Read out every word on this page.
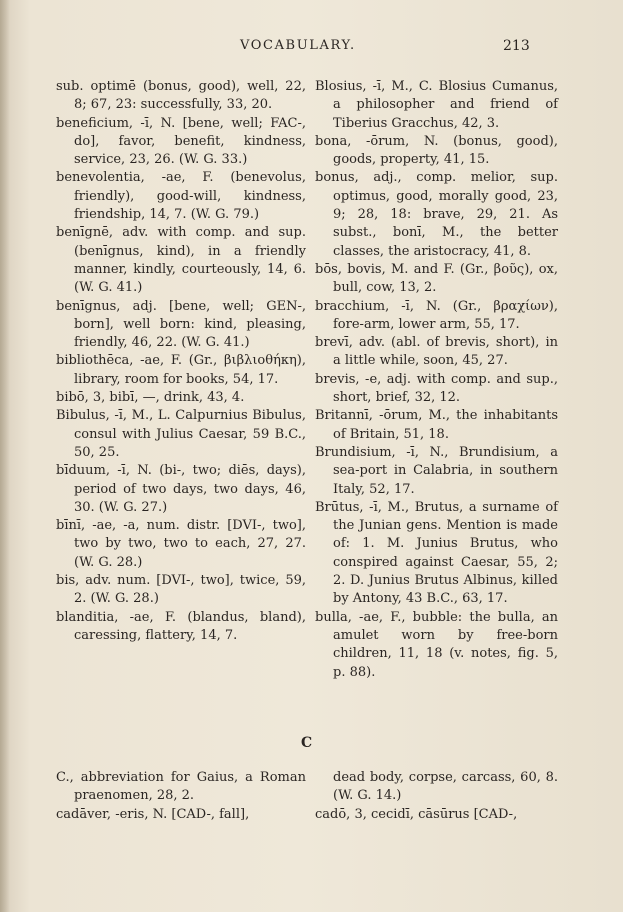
VOCABULARY.	213

sub. optimē (bonus, good), well, 22, 8; 67, 23: successfully, 33, 20.

beneficium, -ī, N. [bene, well; FAC-, do], favor, benefit, kindness, service, 23, 26. (W. G. 33.)

benevolentia, -ae, F. (benevolus, friendly), good-will, kindness, friendship, 14, 7. (W. G. 79.)

benīgnē, adv. with comp. and sup. (benīgnus, kind), in a friendly manner, kindly, courteously, 14, 6. (W. G. 41.)

benīgnus, adj. [bene, well; GEN-, born], well born: kind, pleasing, friendly, 46, 22. (W. G. 41.)

bibliothēca, -ae, F. (Gr., βιβλιοθήκη), library, room for books, 54, 17.

bibō, 3, bibī, —, drink, 43, 4.

Bibulus, -ī, M., L. Calpurnius Bibulus, consul with Julius Caesar, 59 B.C., 50, 25.

bīduum, -ī, N. (bi-, two; diēs, days), period of two days, two days, 46, 30. (W. G. 27.)

bīnī, -ae, -a, num. distr. [DVI-, two], two by two, two to each, 27, 27. (W. G. 28.)

bis, adv. num. [DVI-, two], twice, 59, 2. (W. G. 28.)

blanditia, -ae, F. (blandus, bland), caressing, flattery, 14, 7.

Blosius, -ī, M., C. Blosius Cumanus, a philosopher and friend of Tiberius Gracchus, 42, 3.

bona, -ōrum, N. (bonus, good), goods, property, 41, 15.

bonus, adj., comp. melior, sup. optimus, good, morally good, 23, 9; 28, 18: brave, 29, 21. As subst., bonī, M., the better classes, the aristocracy, 41, 8.

bōs, bovis, M. and F. (Gr., βοῦς), ox, bull, cow, 13, 2.

bracchium, -ī, N. (Gr., βραχίων), fore-arm, lower arm, 55, 17.

brevī, adv. (abl. of brevis, short), in a little while, soon, 45, 27.

brevis, -e, adj. with comp. and sup., short, brief, 32, 12.

Britannī, -ōrum, M., the inhabitants of Britain, 51, 18.

Brundisium, -ī, N., Brundisium, a sea-port in Calabria, in southern Italy, 52, 17.

Brūtus, -ī, M., Brutus, a surname of the Junian gens. Mention is made of: 1. M. Junius Brutus, who conspired against Caesar, 55, 2; 2. D. Junius Brutus Albinus, killed by Antony, 43 B.C., 63, 17.

bulla, -ae, F., bubble: the bulla, an amulet worn by free-born children, 11, 18 (v. notes, fig. 5, p. 88).

C

C., abbreviation for Gaius, a Roman praenomen, 28, 2.

cadāver, -eris, N. [CAD-, fall],

dead body, corpse, carcass, 60, 8. (W. G. 14.)

cadō, 3, cecidī, cāsūrus [CAD-,
